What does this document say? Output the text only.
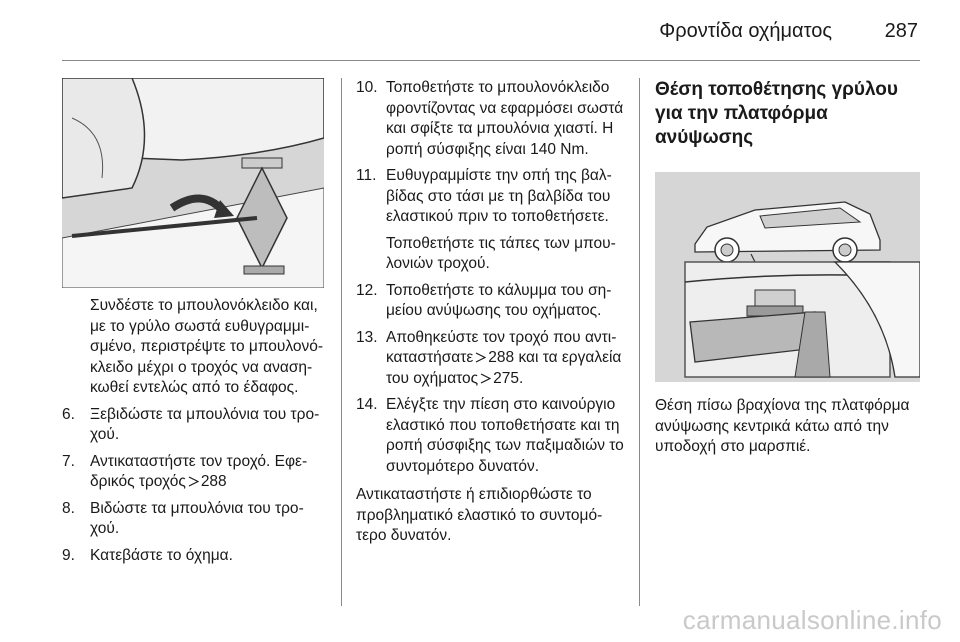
Φροντίδα οχήματος	287
Συνδέστε το μπουλονόκλειδο και, με το γρύλο σωστά ευθυγραμμισμένο, περιστρέψτε το μπουλονόκλειδο μέχρι ο τροχός να ανασηκωθεί εντελώς από το έδαφος.
6. Ξεβιδώστε τα μπουλόνια του τροχού.

7. Αντικαταστήστε τον τροχό. Εφεδρικός τροχός 288

8. Βιδώστε τα μπουλόνια του τροχού.

9. Κατεβάστε το όχημα.

10. Τοποθετήστε το μπουλονόκλειδο φροντίζοντας να εφαρμόσει σωστά και σφίξτε τα μπουλόνια χιαστί. Η ροπή σύσφιξης είναι 140 Nm.

11. Ευθυγραμμίστε την οπή της βαλβίδας στο τάσι με τη βαλβίδα του ελαστικού πριν το τοποθετήσετε.

Τοποθετήστε τις τάπες των μπουλονιών τροχού.

12. Τοποθετήστε το κάλυμμα του σημείου ανύψωσης του οχήματος.

13. Αποθηκεύστε τον τροχό που αντικαταστήσατε 288 και τα εργαλεία του οχήματος 275.

14. Ελέγξτε την πίεση στο καινούργιο ελαστικό που τοποθετήσατε και τη ροπή σύσφιξης των παξιμαδιών το συντομότερο δυνατόν.

Αντικαταστήστε ή επιδιορθώστε το προβληματικό ελαστικό το συντομότερο δυνατόν.
Θέση τοποθέτησης γρύλου για την πλατφόρμα ανύψωσης
Θέση πίσω βραχίονα της πλατφόρμα ανύψωσης κεντρικά κάτω από την υποδοχή στο μαρσπιέ.
carmanualsonline.info
